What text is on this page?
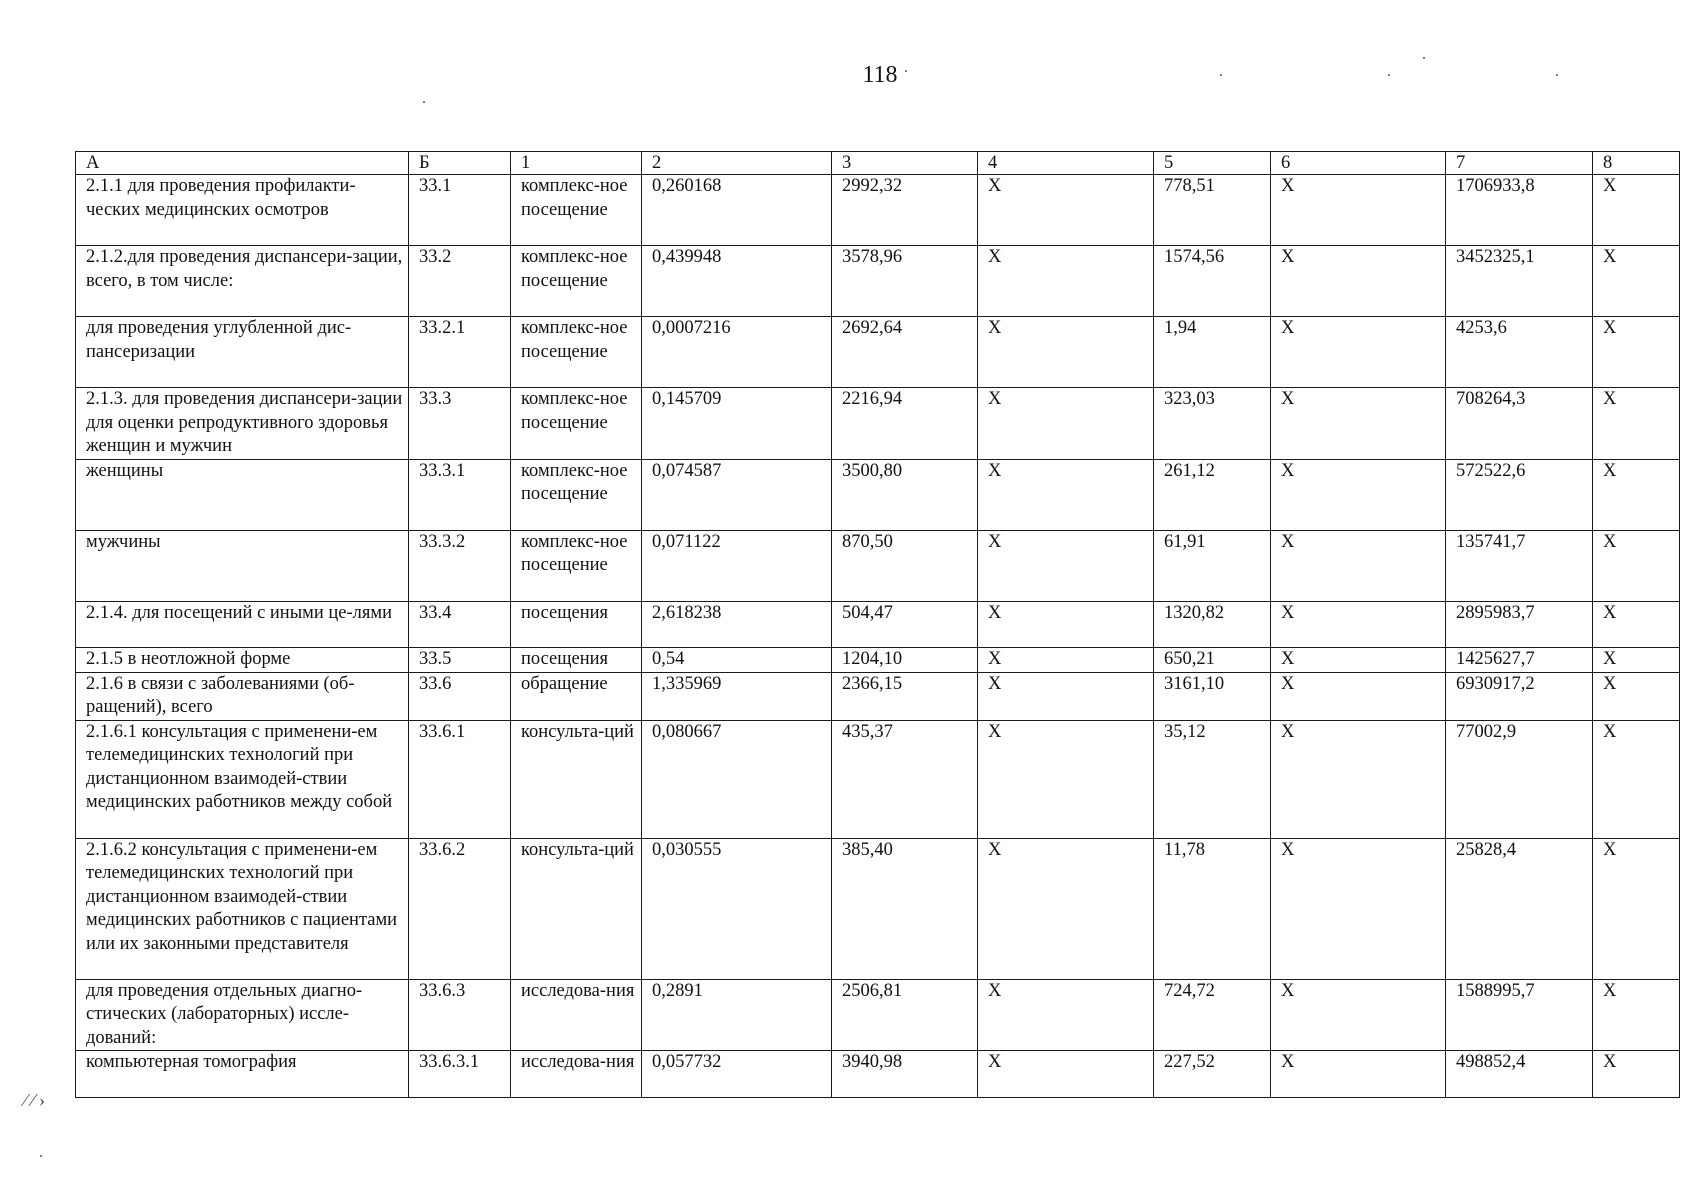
118
А	Б	1	2	3	4	5	6	7	8
2.1.1 для проведения профилакти-ческих медицинских осмотров	33.1	комплекс-ное посещение	0,260168	2992,32	X	778,51	X	1706933,8	X
2.1.2.для проведения диспансери-зации, всего, в том числе:	33.2	комплекс-ное посещение	0,439948	3578,96	X	1574,56	X	3452325,1	X
для проведения углубленной дис-пансеризации	33.2.1	комплекс-ное посещение	0,0007216	2692,64	X	1,94	X	4253,6	X
2.1.3. для проведения диспансери-зации для оценки репродуктивного здоровья женщин и мужчин	33.3	комплекс-ное посещение	0,145709	2216,94	X	323,03	X	708264,3	X
женщины	33.3.1	комплекс-ное посещение	0,074587	3500,80	X	261,12	X	572522,6	X
мужчины	33.3.2	комплекс-ное посещение	0,071122	870,50	X	61,91	X	135741,7	X
2.1.4. для посещений с иными це-лями	33.4	посещения	2,618238	504,47	X	1320,82	X	2895983,7	X
2.1.5 в неотложной форме	33.5	посещения	0,54	1204,10	X	650,21	X	1425627,7	X
2.1.6 в связи с заболеваниями (об-ращений), всего	33.6	обращение	1,335969	2366,15	X	3161,10	X	6930917,2	X
2.1.6.1 консультация с применени-ем телемедицинских технологий при дистанционном взаимодей-ствии медицинских работников между собой	33.6.1	консульта-ций	0,080667	435,37	X	35,12	X	77002,9	X
2.1.6.2 консультация с применени-ем телемедицинских технологий при дистанционном взаимодей-ствии медицинских работников с пациентами или их законными представителя	33.6.2	консульта-ций	0,030555	385,40	X	11,78	X	25828,4	X
для проведения отдельных диагно-стических (лабораторных) иссле-дований:	33.6.3	исследова-ния	0,2891	2506,81	X	724,72	X	1588995,7	X
компьютерная томография	33.6.3.1	исследова-ния	0,057732	3940,98	X	227,52	X	498852,4	X
⁄ ⁄ ›
